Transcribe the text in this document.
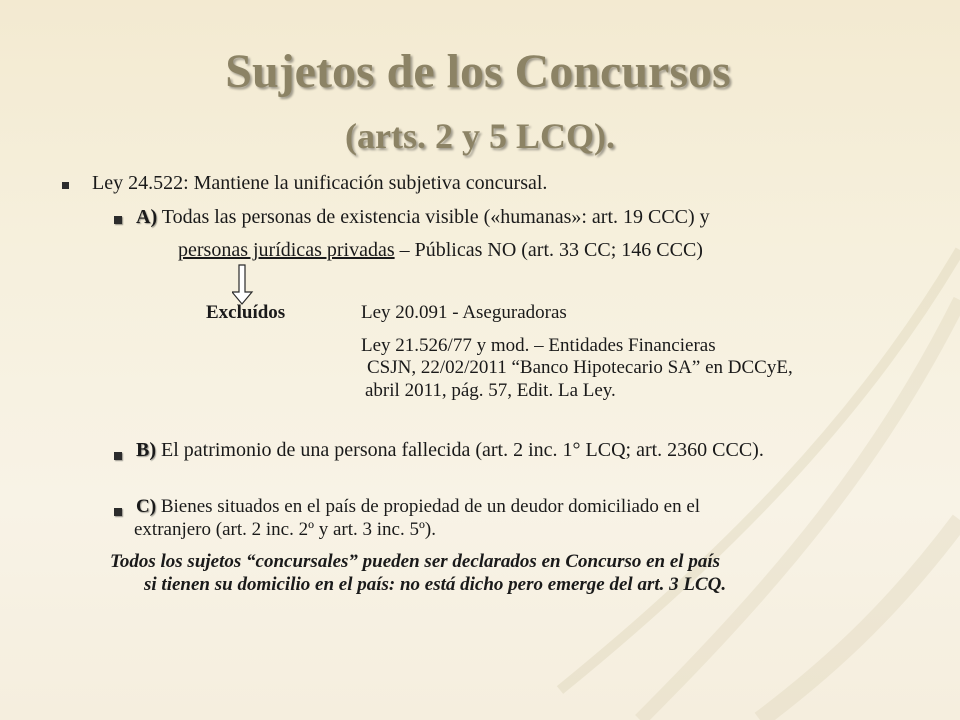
Sujetos de los Concursos
(arts. 2 y 5 LCQ).
Ley 24.522: Mantiene la unificación subjetiva concursal.
A) Todas las personas de existencia visible («humanas»: art. 19 CCC) y
personas jurídicas privadas – Públicas NO (art. 33 CC; 146 CCC)
Excluídos	Ley 20.091 - Aseguradoras
Ley 21.526/77 y mod. – Entidades Financieras
CSJN, 22/02/2011 “Banco Hipotecario SA” en DCCyE,
abril 2011, pág. 57, Edit. La Ley.
B) El patrimonio de una persona fallecida (art. 2 inc. 1° LCQ; art. 2360 CCC).
C) Bienes situados en el país de propiedad de un deudor domiciliado en el
extranjero (art. 2 inc. 2º y art. 3 inc. 5º).
Todos los sujetos “concursales” pueden ser declarados en Concurso en el país
si tienen su domicilio en el país: no está dicho pero emerge del art. 3 LCQ.
